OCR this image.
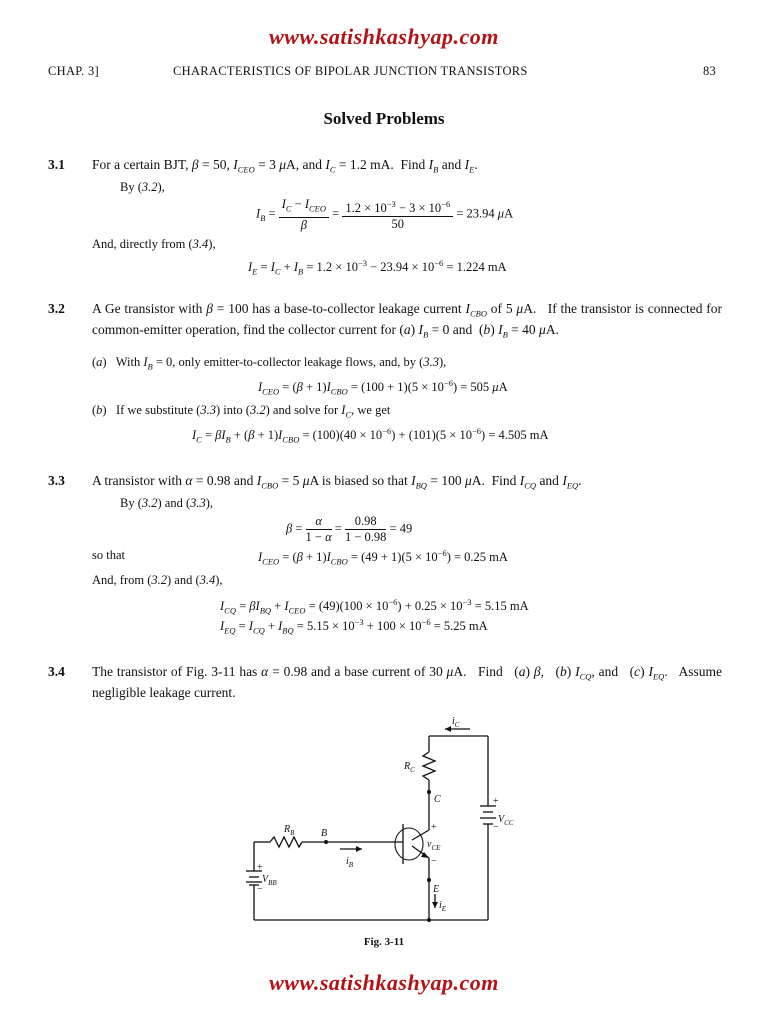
www.satishkashyap.com
CHAP. 3]	CHARACTERISTICS OF BIPOLAR JUNCTION TRANSISTORS	83
Solved Problems
3.1 For a certain BJT, β = 50, $I_{CEO} = 3$ μA, and $I_C = 1.2$ mA.  Find $I_B$ and $I_E$.
By (3.2),
$I_B = \frac{I_C - I_{CEO}}{\beta} = \frac{1.2 \times 10^{-3} - 3 \times 10^{-6}}{50} = 23.94$ μA
And, directly from (3.4),
$I_E = I_C + I_B = 1.2 \times 10^{-3} - 23.94 \times 10^{-6} = 1.224$ mA
3.2 A Ge transistor with β = 100 has a base-to-collector leakage current $I_{CBO}$ of 5 μA.   If the transistor is connected for common-emitter operation, find the collector current for (a) $I_B = 0$ and  (b) $I_B = 40$ μA.
(a)   With $I_B = 0$, only emitter-to-collector leakage flows, and, by (3.3),
$I_{CEO} = (\beta + 1)I_{CBO} = (100 + 1)(5 \times 10^{-6}) = 505$ μA
(b)   If we substitute (3.3) into (3.2) and solve for $I_C$, we get
$I_C = \beta I_B + (\beta + 1)I_{CBO} = (100)(40 \times 10^{-6}) + (101)(5 \times 10^{-6}) = 4.505$ mA
3.3 A transistor with α = 0.98 and $I_{CBO} = 5$ μA is biased so that $I_{BQ} = 100$ μA.  Find $I_{CQ}$ and $I_{EQ}$.
By (3.2) and (3.3),
$\beta = \frac{\alpha}{1 - \alpha} = \frac{0.98}{1 - 0.98} = 49$
so that	$I_{CEO} = (\beta + 1)I_{CBO} = (49 + 1)(5 \times 10^{-6}) = 0.25$ mA
And, from (3.2) and (3.4),
$I_{CQ} = \beta I_{BQ} + I_{CEO} = (49)(100 \times 10^{-6}) + 0.25 \times 10^{-3} = 5.15$ mA
$I_{EQ} = I_{CQ} + I_{BQ} = 5.15 \times 10^{-3} + 100 \times 10^{-6} = 5.25$ mA
3.4 The transistor of Fig. 3-11 has α = 0.98 and a base current of 30 μA.   Find   (a) β,   (b) $I_{CQ}$, and   (c) $I_{EQ}$.   Assume negligible leakage current.
$i_C$
$R_C$
C	+
$V_{CC}$
−
$R_B$	B
$i_B$
+
$v_{CE}$
−
+
$V_{BB}$
−	E
$i_E$
Fig. 3-11
www.satishkashyap.com
